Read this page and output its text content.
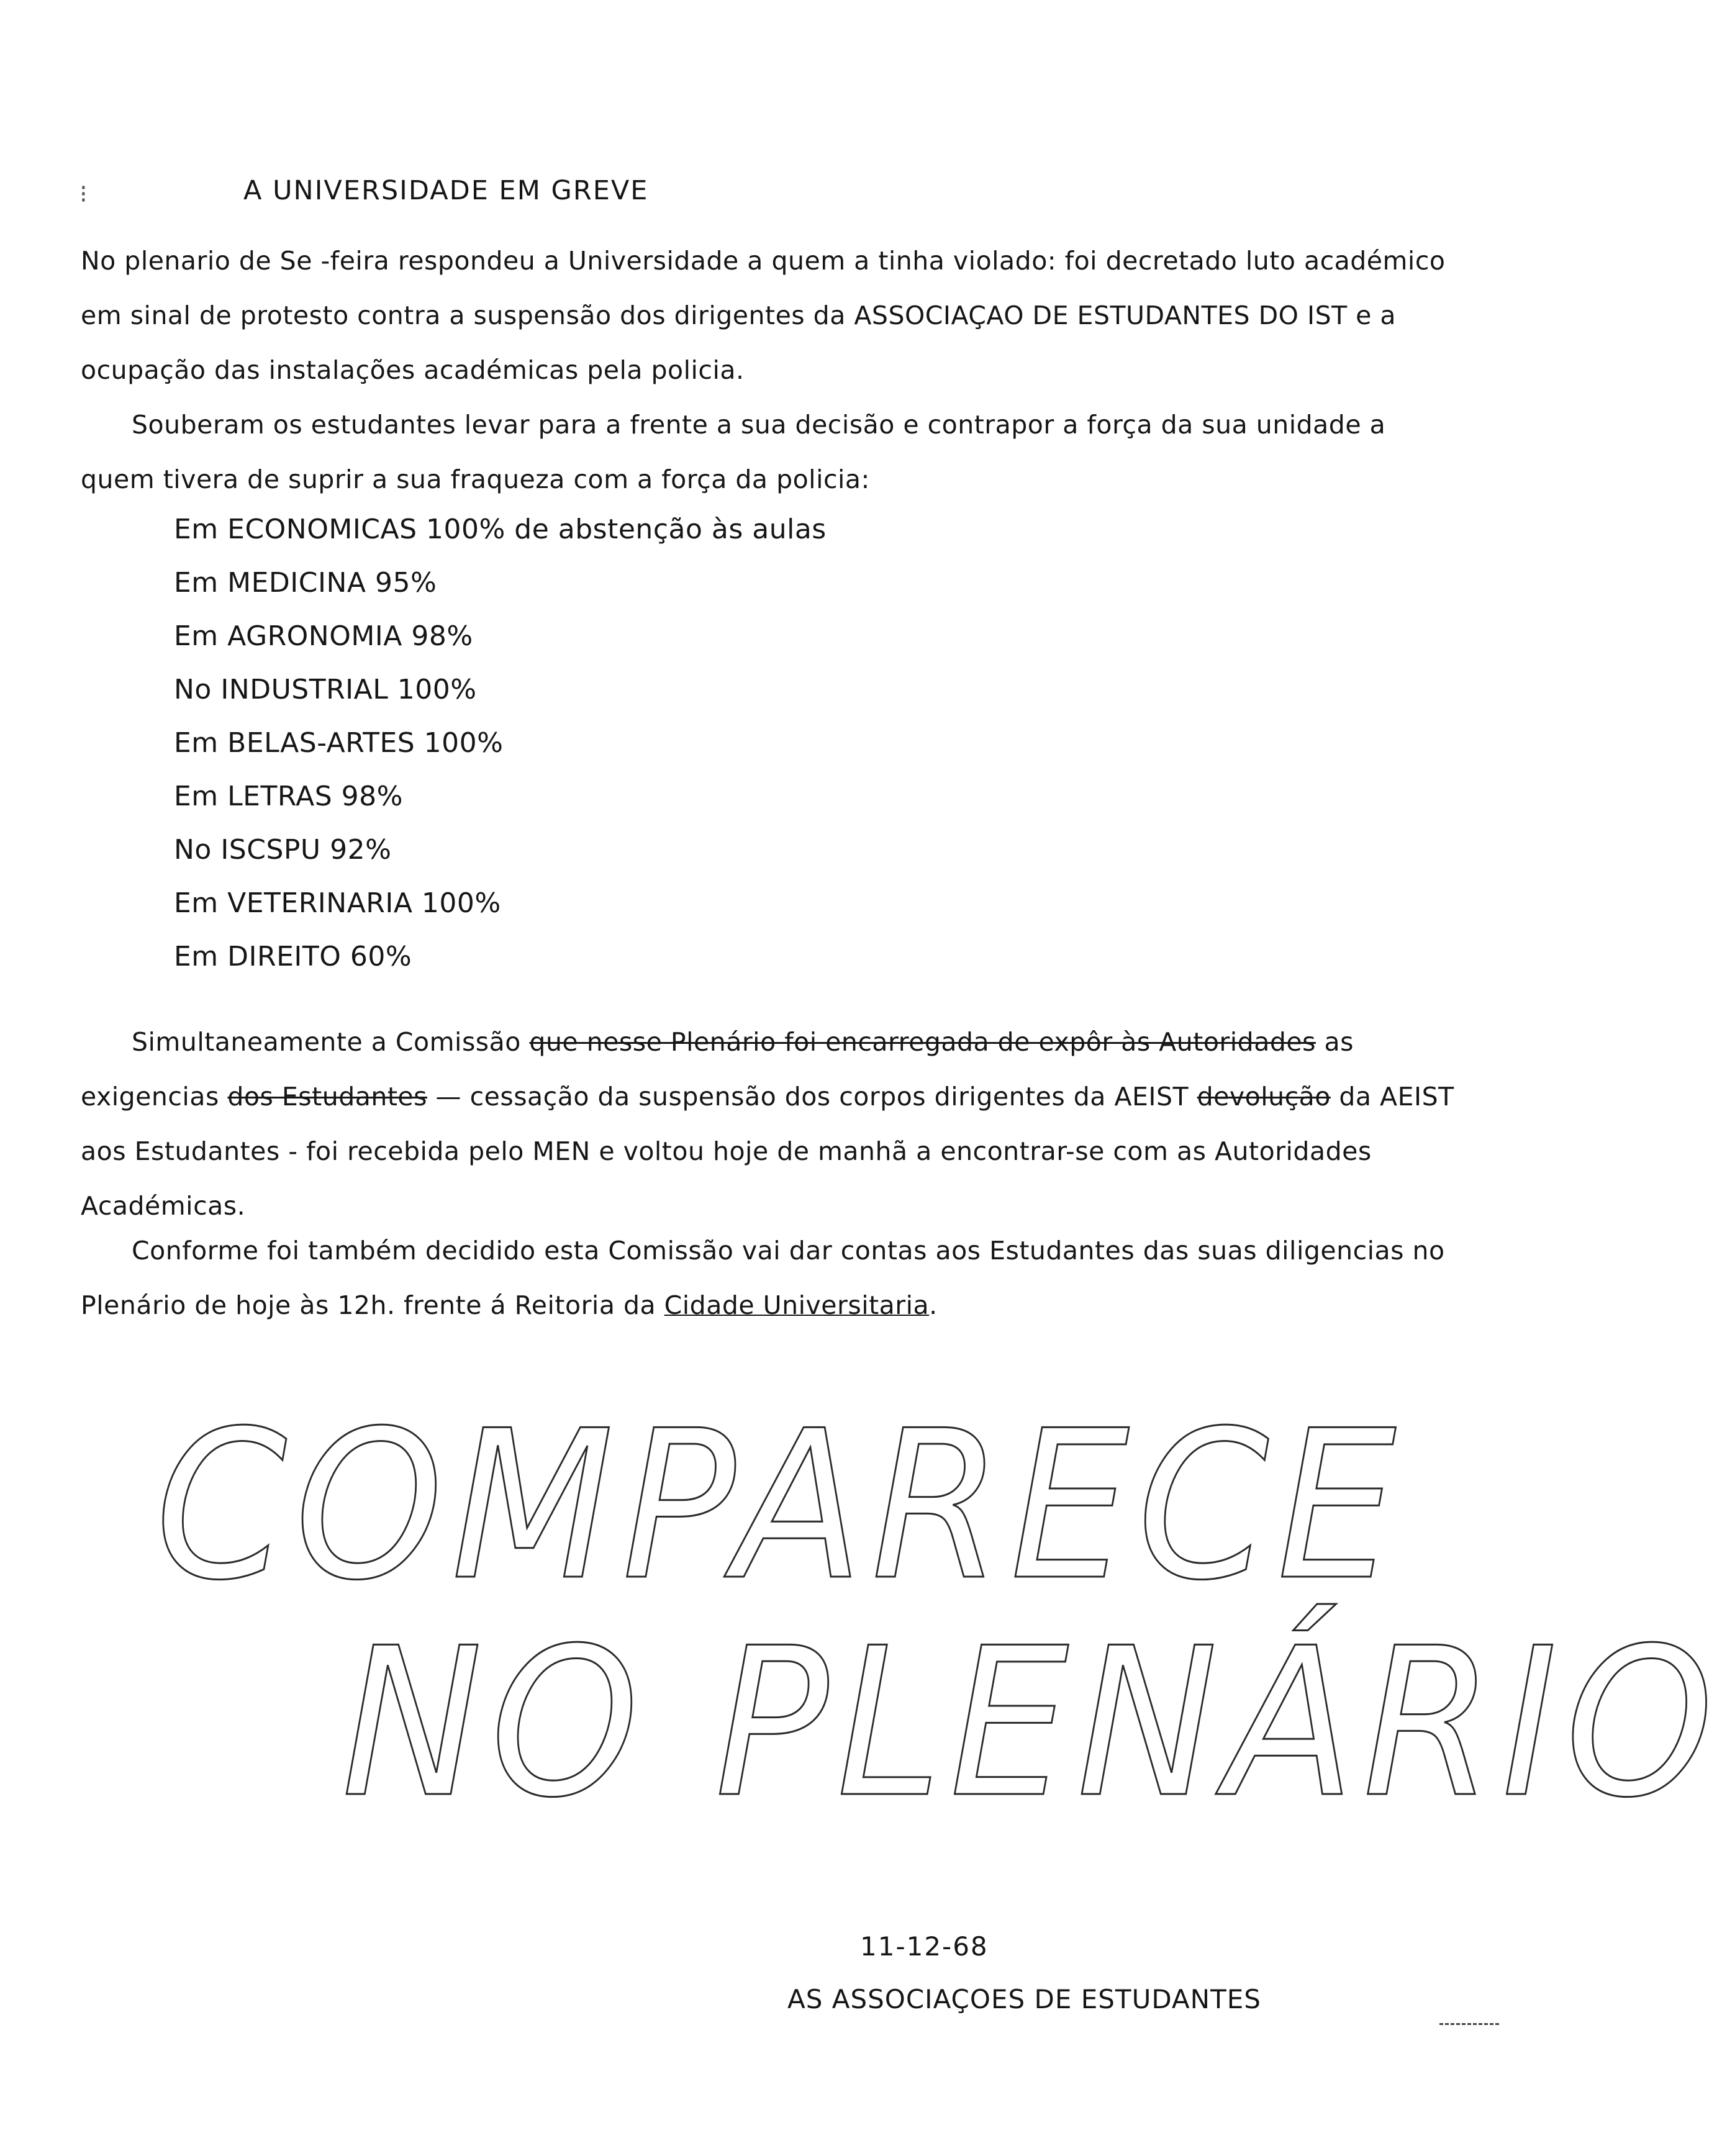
⁝	A UNIVERSIDADE EM GREVE
No plenario de Se -feira respondeu a Universidade a quem a tinha violado: foi decretado luto académico em sinal de protesto contra a suspensão dos dirigentes da ASSOCIAÇAO DE ESTUDANTES DO IST e a ocupação das instalações académicas pela policia.
Souberam os estudantes levar para a frente a sua decisão e contrapor a força da sua unidade a quem tivera de suprir a sua fraqueza com a força da policia:
Em ECONOMICAS 100% de abstenção às aulas
Em MEDICINA 95%
Em AGRONOMIA 98%
No INDUSTRIAL 100%
Em BELAS-ARTES 100%
Em LETRAS 98%
No ISCSPU 92%
Em VETERINARIA 100%
Em DIREITO 60%
Simultaneamente a Comissão que nesse Plenário foi encarregada de expôr às Autoridades as exigencias dos Estudantes — cessação da suspensão dos corpos dirigentes da AEIST devolução da AEIST aos Estudantes - foi recebida pelo MEN e voltou hoje de manhã a encontrar-se com as Autoridades Académicas.
Conforme foi também decidido esta Comissão vai dar contas aos Estudantes das suas diligencias no Plenário de hoje às 12h. frente á Reitoria da Cidade Universitaria.
COMPARECE
NO PLENÁRIO
11-12-68
AS ASSOCIAÇOES DE ESTUDANTES
